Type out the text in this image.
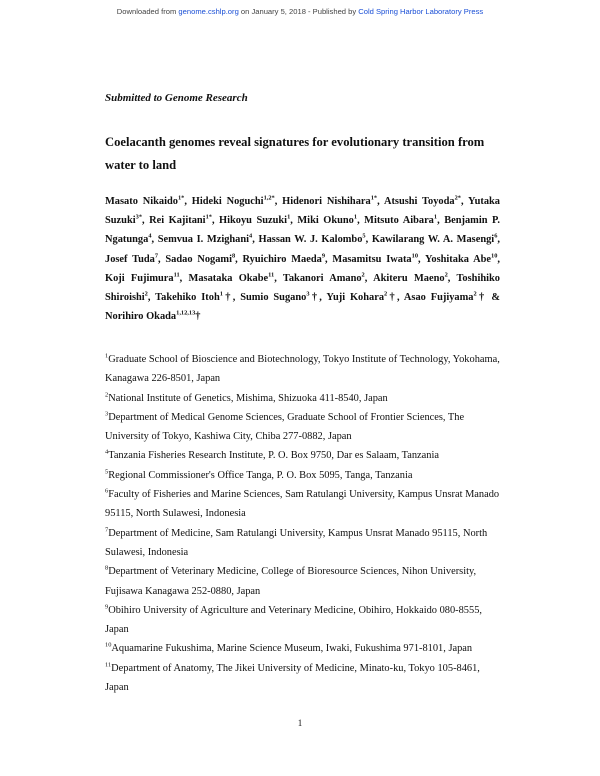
Downloaded from genome.cshlp.org on January 5, 2018 - Published by Cold Spring Harbor Laboratory Press
Submitted to Genome Research
Coelacanth genomes reveal signatures for evolutionary transition from
water to land
Masato Nikaido$^{1*}$, Hideki Noguchi$^{1,2*}$, Hidenori Nishihara$^{1*}$, Atsushi Toyoda$^{2*}$, Yutaka Suzuki$^{3*}$, Rei Kajitani$^{1*}$, Hikoyu Suzuki$^1$, Miki Okuno$^1$, Mitsuto Aibara$^1$, Benjamin P. Ngatunga$^4$, Semvua I. Mzighani$^4$, Hassan W. J. Kalombo$^5$, Kawilarang W. A. Masengi$^6$, Josef Tuda$^7$, Sadao Nogami$^8$, Ryuichiro Maeda$^9$, Masamitsu Iwata$^{10}$, Yoshitaka Abe$^{10}$, Koji Fujimura$^{11}$, Masataka Okabe$^{11}$, Takanori Amano$^2$, Akiteru Maeno$^2$, Toshihiko Shiroishi$^2$, Takehiko Itoh$^1$†, Sumio Sugano$^3$†, Yuji Kohara$^2$†, Asao Fujiyama$^2$† & Norihiro Okada$^{1,12,13}$†

$^1$Graduate School of Bioscience and Biotechnology, Tokyo Institute of Technology, Yokohama, Kanagawa 226-8501, Japan

$^2$National Institute of Genetics, Mishima, Shizuoka 411-8540, Japan

$^3$Department of Medical Genome Sciences, Graduate School of Frontier Sciences, The University of Tokyo, Kashiwa City, Chiba 277-0882, Japan

$^4$Tanzania Fisheries Research Institute, P. O. Box 9750, Dar es Salaam, Tanzania

$^5$Regional Commissioner's Office Tanga, P. O. Box 5095, Tanga, Tanzania

$^6$Faculty of Fisheries and Marine Sciences, Sam Ratulangi University, Kampus Unsrat Manado 95115, North Sulawesi, Indonesia

$^7$Department of Medicine, Sam Ratulangi University, Kampus Unsrat Manado 95115, North Sulawesi, Indonesia

$^8$Department of Veterinary Medicine, College of Bioresource Sciences, Nihon University, Fujisawa Kanagawa 252-0880, Japan

$^9$Obihiro University of Agriculture and Veterinary Medicine, Obihiro, Hokkaido 080-8555, Japan

$^{10}$Aquamarine Fukushima, Marine Science Museum, Iwaki, Fukushima 971-8101, Japan

$^{11}$Department of Anatomy, The Jikei University of Medicine, Minato-ku, Tokyo 105-8461, Japan

1
